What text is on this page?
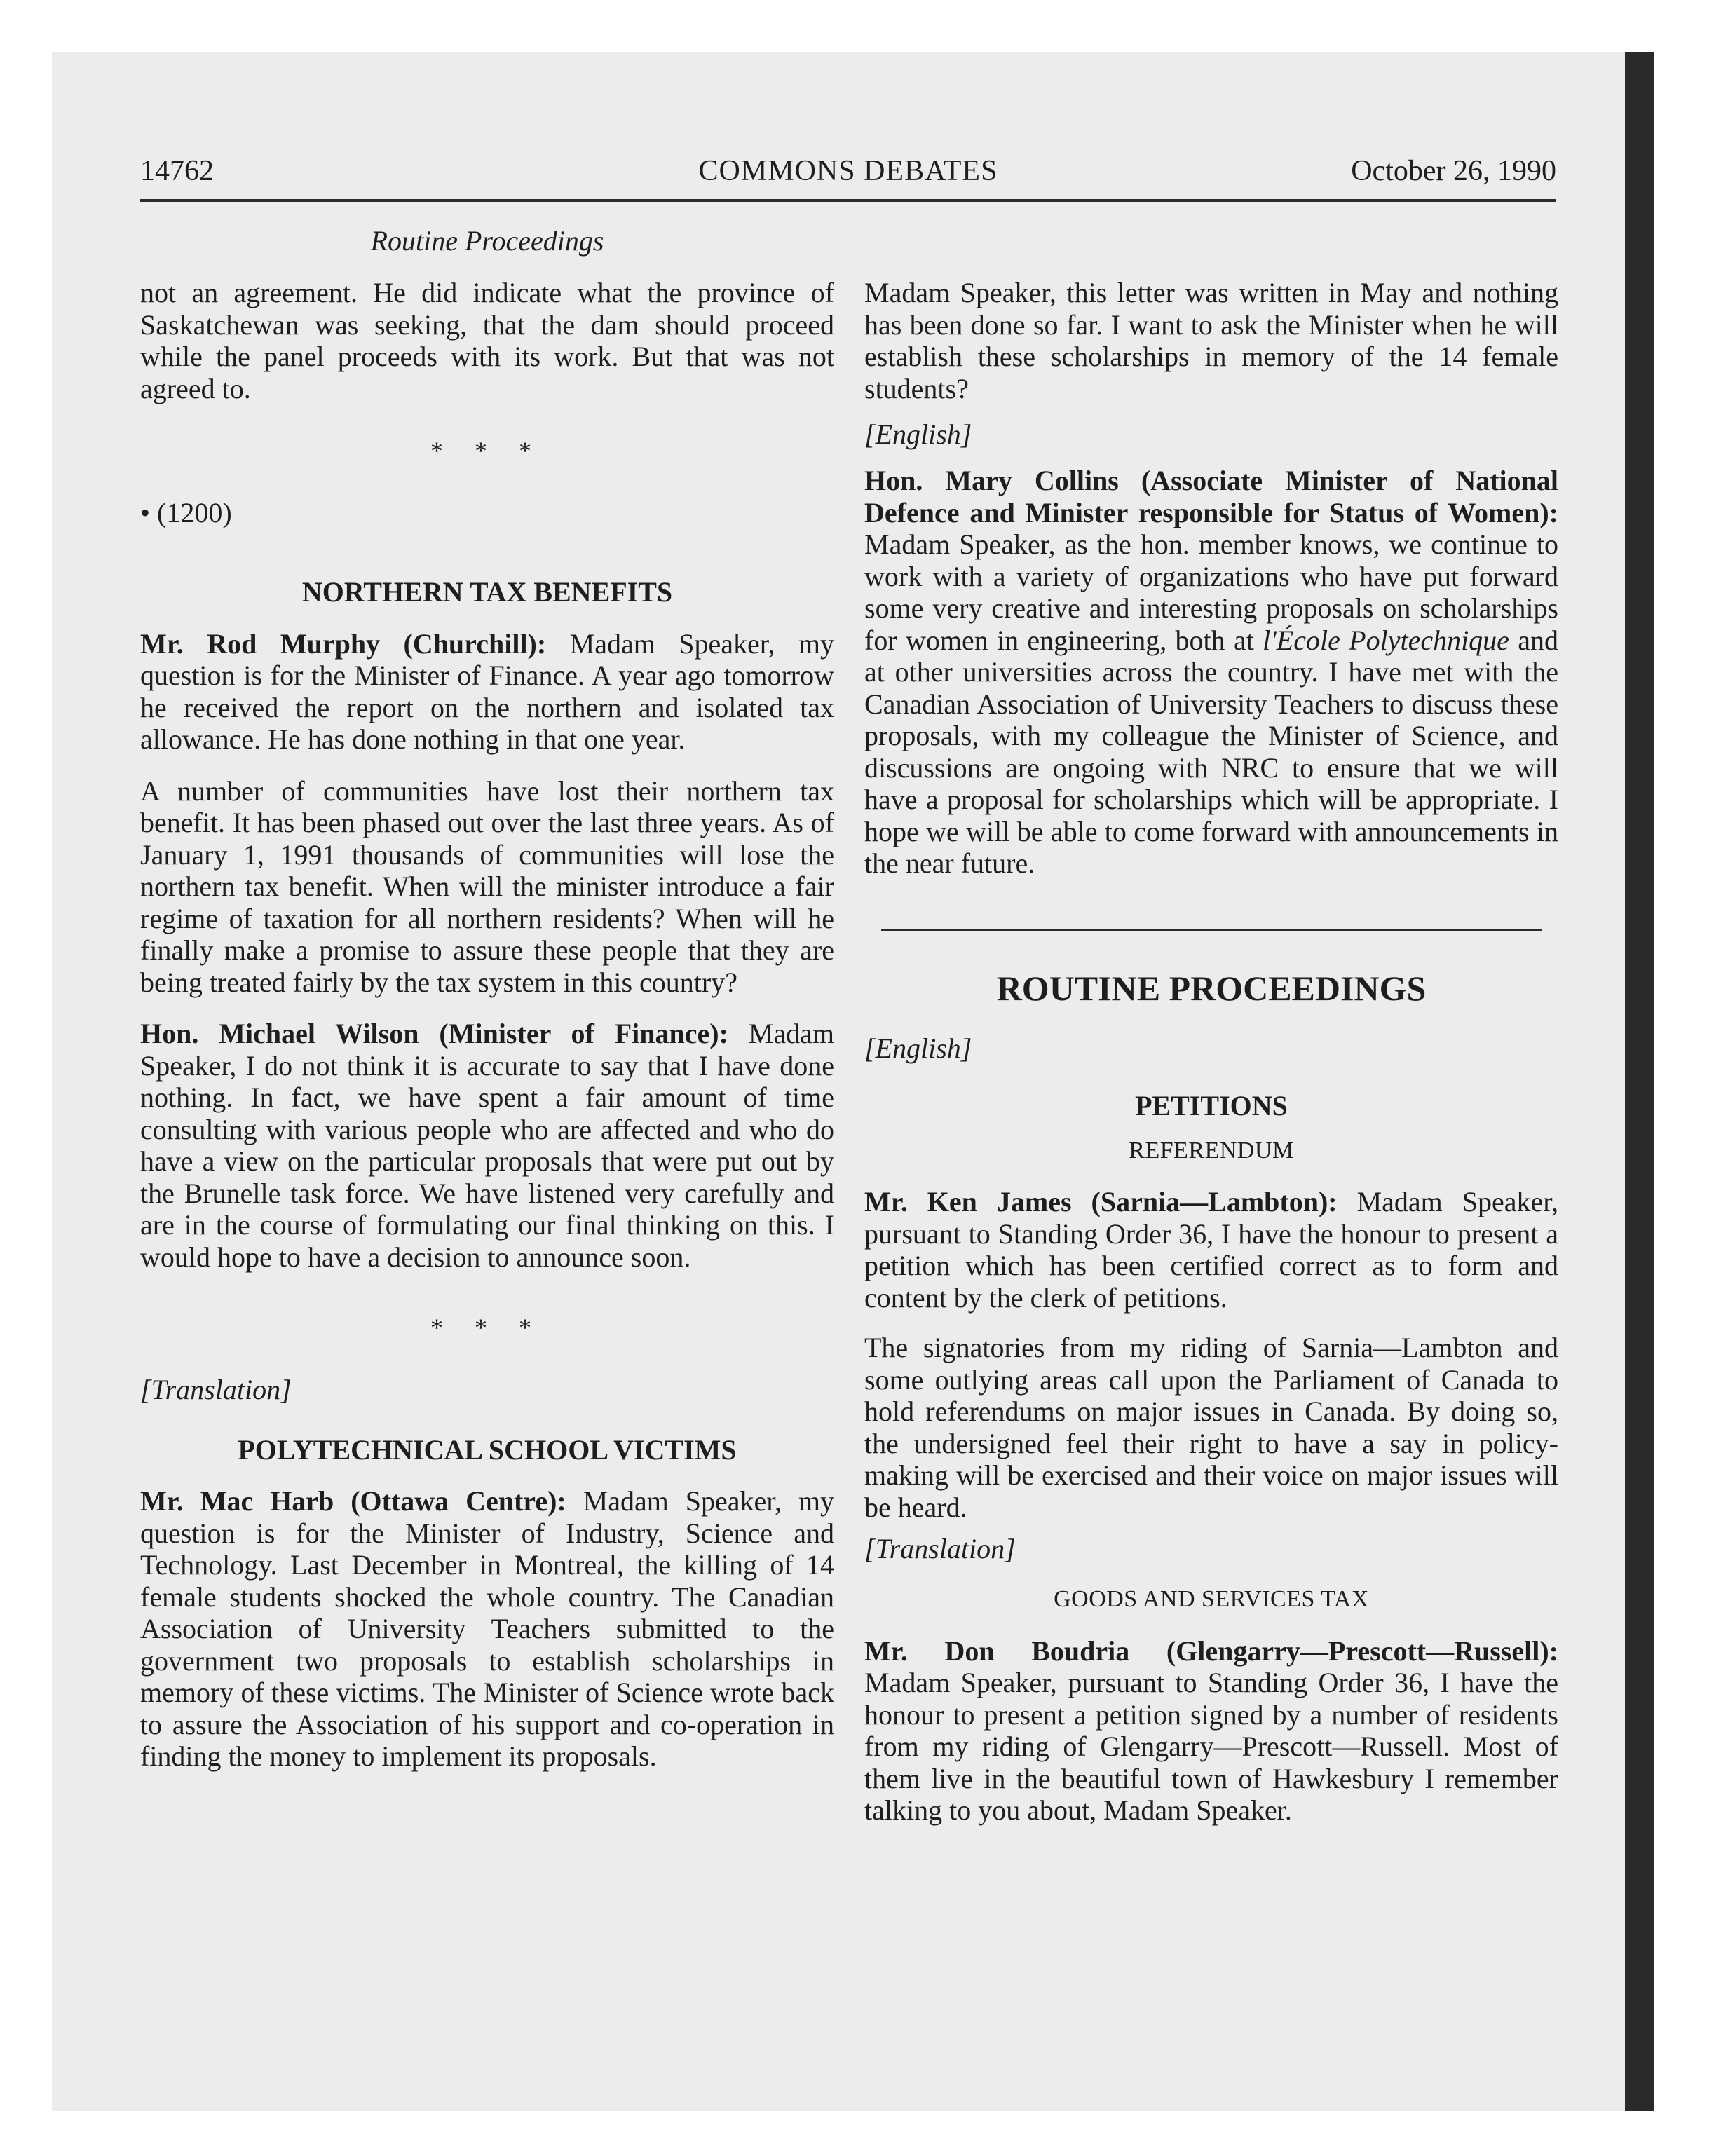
14762	COMMONS DEBATES	October 26, 1990
Routine Proceedings

not an agreement. He did indicate what the province of Saskatchewan was seeking, that the dam should proceed while the panel proceeds with its work. But that was not agreed to.

* * *

• (1200)

NORTHERN TAX BENEFITS

Mr. Rod Murphy (Churchill): Madam Speaker, my question is for the Minister of Finance. A year ago tomorrow he received the report on the northern and isolated tax allowance. He has done nothing in that one year.

A number of communities have lost their northern tax benefit. It has been phased out over the last three years. As of January 1, 1991 thousands of communities will lose the northern tax benefit. When will the minister introduce a fair regime of taxation for all northern residents? When will he finally make a promise to assure these people that they are being treated fairly by the tax system in this country?

Hon. Michael Wilson (Minister of Finance): Madam Speaker, I do not think it is accurate to say that I have done nothing. In fact, we have spent a fair amount of time consulting with various people who are affected and who do have a view on the particular proposals that were put out by the Brunelle task force. We have listened very carefully and are in the course of formulating our final thinking on this. I would hope to have a decision to announce soon.

* * *

[Translation]

POLYTECHNICAL SCHOOL VICTIMS

Mr. Mac Harb (Ottawa Centre): Madam Speaker, my question is for the Minister of Industry, Science and Technology. Last December in Montreal, the killing of 14 female students shocked the whole country. The Canadian Association of University Teachers submitted to the government two proposals to establish scholarships in memory of these victims. The Minister of Science wrote back to assure the Association of his support and co-operation in finding the money to implement its proposals.

Madam Speaker, this letter was written in May and nothing has been done so far. I want to ask the Minister when he will establish these scholarships in memory of the 14 female students?

[English]

Hon. Mary Collins (Associate Minister of National Defence and Minister responsible for Status of Women): Madam Speaker, as the hon. member knows, we continue to work with a variety of organizations who have put forward some very creative and interesting proposals on scholarships for women in engineering, both at l'École Polytechnique and at other universities across the country. I have met with the Canadian Association of University Teachers to discuss these proposals, with my colleague the Minister of Science, and discussions are ongoing with NRC to ensure that we will have a proposal for scholarships which will be appropriate. I hope we will be able to come forward with announcements in the near future.

ROUTINE PROCEEDINGS

[English]

PETITIONS

REFERENDUM

Mr. Ken James (Sarnia—Lambton): Madam Speaker, pursuant to Standing Order 36, I have the honour to present a petition which has been certified correct as to form and content by the clerk of petitions.

The signatories from my riding of Sarnia—Lambton and some outlying areas call upon the Parliament of Canada to hold referendums on major issues in Canada. By doing so, the undersigned feel their right to have a say in policy-making will be exercised and their voice on major issues will be heard.

[Translation]

GOODS AND SERVICES TAX

Mr. Don Boudria (Glengarry—Prescott—Russell): Madam Speaker, pursuant to Standing Order 36, I have the honour to present a petition signed by a number of residents from my riding of Glengarry—Prescott—Russell. Most of them live in the beautiful town of Hawkesbury I remember talking to you about, Madam Speaker.
